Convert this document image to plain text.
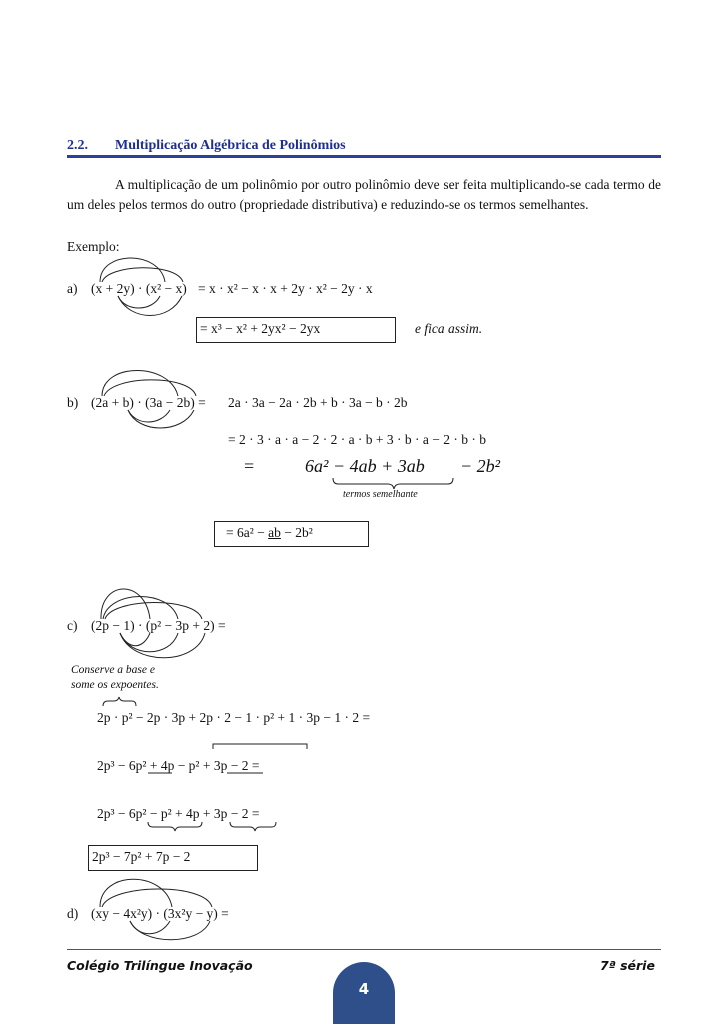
2.2. Multiplicação Algébrica de Polinômios
A multiplicação de um polinômio por outro polinômio deve ser feita multiplicando-se cada termo de um deles pelos termos do outro (propriedade distributiva) e reduzindo-se os termos semelhantes.
Exemplo:
a) (x + 2y) · (x² − x) = x · x² − x · x + 2y · x² − 2y · x
= x³ − x² + 2yx² − 2yx	e fica assim.
b) (2a + b) · (3a − 2b) = 2a · 3a − 2a · 2b + b · 3a − b · 2b
= 2 · 3 · a · a − 2 · 2 · a · b + 3 · b · a − 2 · b · b
=	6a² − 4ab + 3ab − 2b²
termos semelhante
= 6a² − ab − 2b²
c) (2p − 1) · (p² − 3p + 2) =
Conserve a base e
some os expoentes.
2p · p² − 2p · 3p + 2p · 2 − 1 · p² + 1 · 3p − 1 · 2 =
2p³ − 6p² + 4p − p² + 3p − 2 =
2p³ − 6p² − p² + 4p + 3p − 2 =
2p³ − 7p² + 7p − 2
d) (xy − 4x²y) · (3x²y − y) =
Colégio Trilíngue Inovação	7ª série
4
